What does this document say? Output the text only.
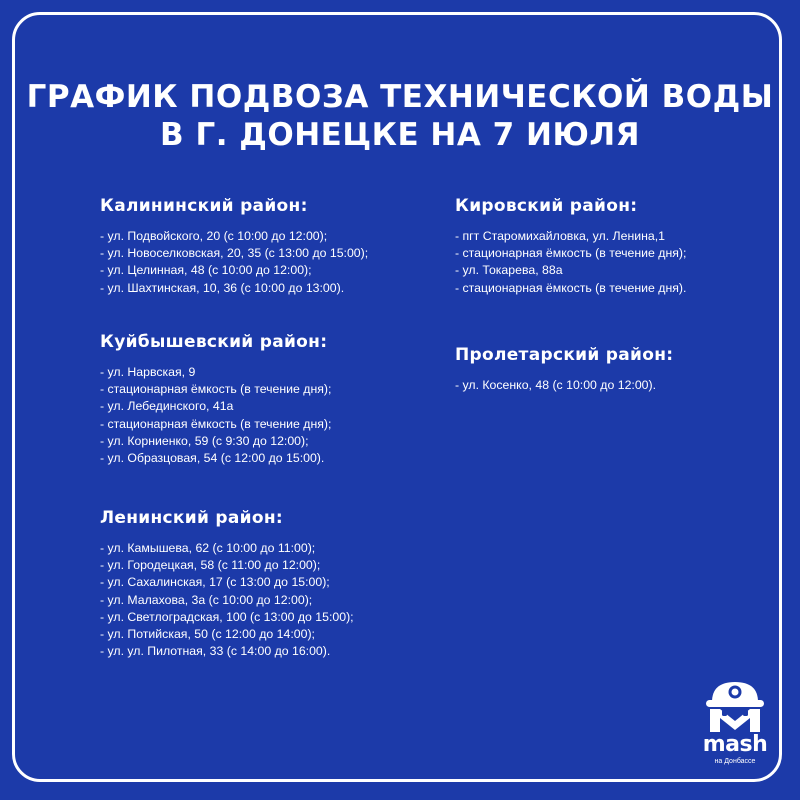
ГРАФИК ПОДВОЗА ТЕХНИЧЕСКОЙ ВОДЫ
В Г. ДОНЕЦКЕ НА 7 ИЮЛЯ
Калининский район:
- ул. Подвойского, 20 (с 10:00 до 12:00);
- ул. Новоселковская, 20, 35 (с 13:00 до 15:00);
- ул. Целинная, 48 (с 10:00 до 12:00);
- ул. Шахтинская, 10, 36 (с 10:00 до 13:00).
Куйбышевский район:
- ул. Нарвская, 9
- стационарная ёмкость (в течение дня);
- ул. Лебединского, 41а
- стационарная ёмкость (в течение дня);
- ул. Корниенко, 59 (с 9:30 до 12:00);
- ул. Образцовая, 54 (с 12:00 до 15:00).
Ленинский район:
- ул. Камышева, 62 (с 10:00 до 11:00);
- ул. Городецкая, 58 (с 11:00 до 12:00);
- ул. Сахалинская, 17 (с 13:00 до 15:00);
- ул. Малахова, 3а (с 10:00 до 12:00);
- ул. Светлоградская, 100 (с 13:00 до 15:00);
- ул. Потийская, 50 (с 12:00 до 14:00);
- ул. ул. Пилотная, 33 (с 14:00 до 16:00).
Кировский район:
- пгт Старомихайловка, ул. Ленина,1
- стационарная ёмкость (в течение дня);
- ул. Токарева, 88а
- стационарная ёмкость (в течение дня).
Пролетарский район:
- ул. Косенко, 48 (с 10:00 до 12:00).
mash
на Донбассе
